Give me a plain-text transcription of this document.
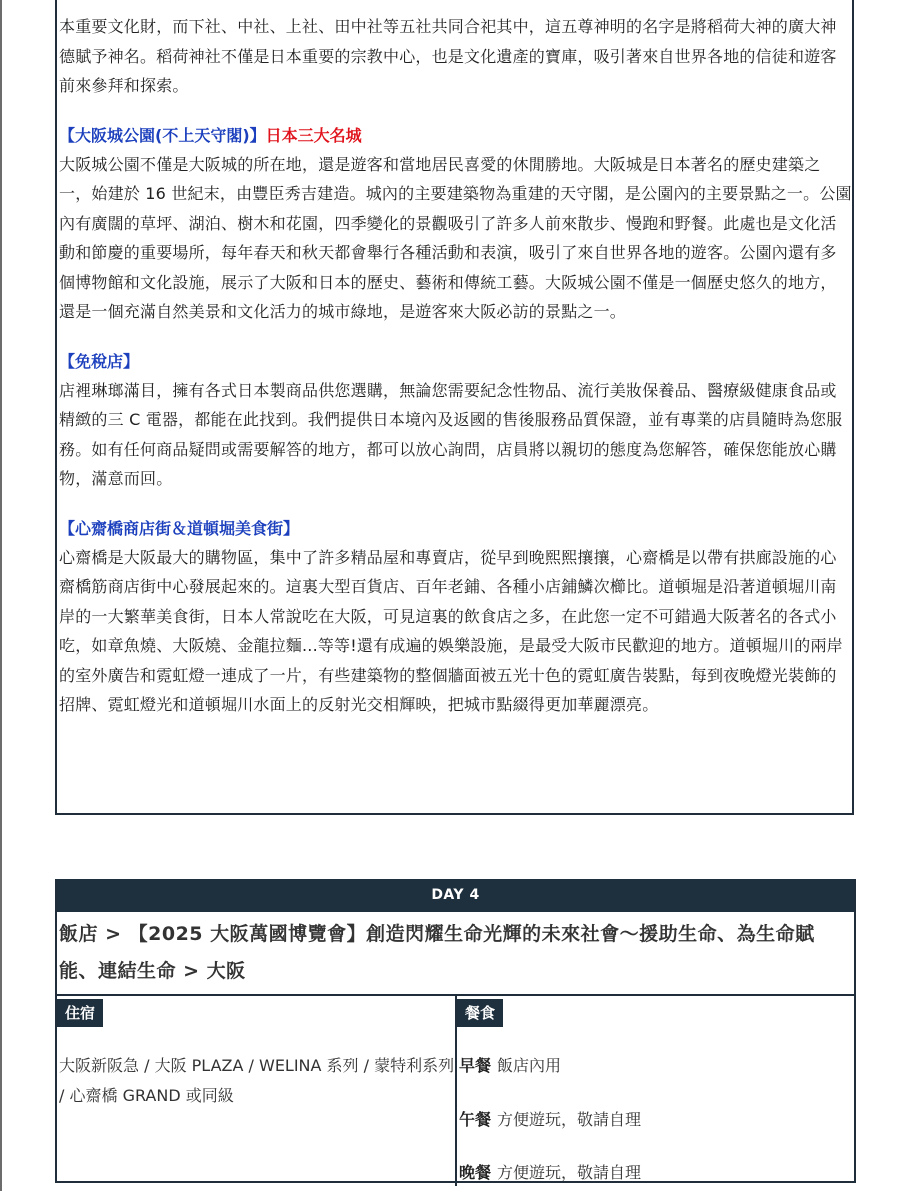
本重要文化財，而下社、中社、上社、田中社等五社共同合祀其中，這五尊神明的名字是將稻荷大神的廣大神德賦予神名。稻荷神社不僅是日本重要的宗教中心，也是文化遺產的寶庫，吸引著來自世界各地的信徒和遊客前來參拜和探索。

【大阪城公園(不上天守閣)】日本三大名城

大阪城公園不僅是大阪城的所在地，還是遊客和當地居民喜愛的休閒勝地。大阪城是日本著名的歷史建築之一，始建於 16 世紀末，由豐臣秀吉建造。城內的主要建築物為重建的天守閣，是公園內的主要景點之一。公園內有廣闊的草坪、湖泊、樹木和花園，四季變化的景觀吸引了許多人前來散步、慢跑和野餐。此處也是文化活動和節慶的重要場所，每年春天和秋天都會舉行各種活動和表演，吸引了來自世界各地的遊客。公園內還有多個博物館和文化設施，展示了大阪和日本的歷史、藝術和傳統工藝。大阪城公園不僅是一個歷史悠久的地方，還是一個充滿自然美景和文化活力的城市綠地，是遊客來大阪必訪的景點之一。

【免稅店】

店裡琳瑯滿目，擁有各式日本製商品供您選購，無論您需要紀念性物品、流行美妝保養品、醫療級健康食品或精緻的三 C 電器，都能在此找到。我們提供日本境內及返國的售後服務品質保證，並有專業的店員隨時為您服務。如有任何商品疑問或需要解答的地方，都可以放心詢問，店員將以親切的態度為您解答，確保您能放心購物，滿意而回。

【心齋橋商店街＆道頓堀美食街】

心齋橋是大阪最大的購物區，集中了許多精品屋和專賣店，從早到晚熙熙攘攘，心齋橋是以帶有拱廊設施的心齋橋筋商店街中心發展起來的。這裏大型百貨店、百年老鋪、各種小店鋪鱗次櫛比。道頓堀是沿著道頓堀川南岸的一大繁華美食街，日本人常說吃在大阪，可見這裏的飲食店之多，在此您一定不可錯過大阪著名的各式小吃，如章魚燒、大阪燒、金龍拉麵...等等!還有成遍的娛樂設施，是最受大阪市民歡迎的地方。道頓堀川的兩岸的室外廣告和霓虹燈一連成了一片，有些建築物的整個牆面被五光十色的霓虹廣告裝點，每到夜晚燈光裝飾的招牌、霓虹燈光和道頓堀川水面上的反射光交相輝映，把城市點綴得更加華麗漂亮。

DAY 4

飯店 > 【2025 大阪萬國博覽會】創造閃耀生命光輝的未來社會～援助生命、為生命賦能、連結生命 > 大阪

住宿

大阪新阪急 / 大阪 PLAZA / WELINA 系列 / 蒙特利系列 / 心齋橋 GRAND 或同級

餐食
早餐 飯店內用
午餐 方便遊玩，敬請自理
晚餐 方便遊玩，敬請自理
